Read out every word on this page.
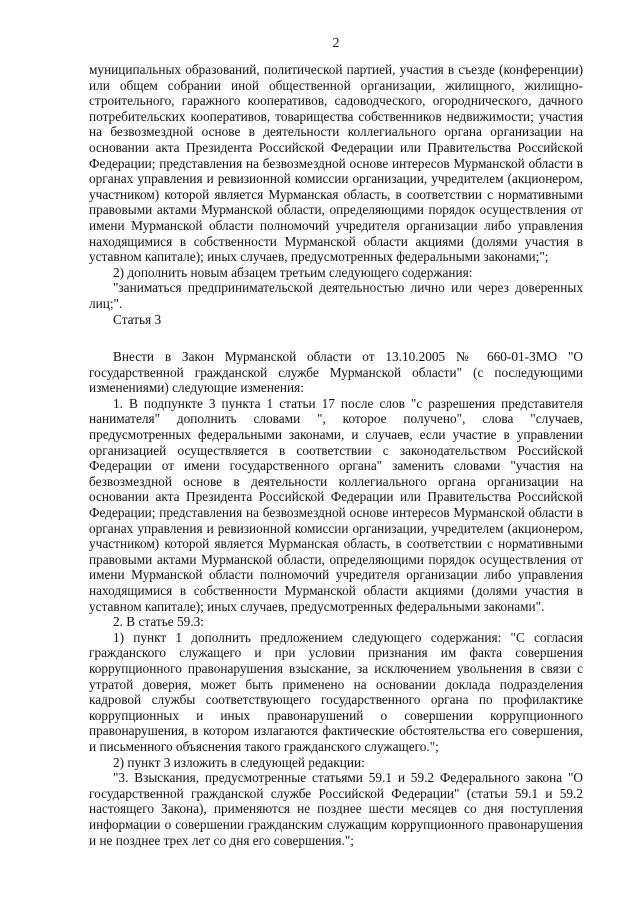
2

муниципальных образований, политической партией, участия в съезде (конференции) или общем собрании иной общественной организации, жилищного, жилищно-строительного, гаражного кооперативов, садоводческого, огороднического, дачного потребительских кооперативов, товарищества собственников недвижимости; участия на безвозмездной основе в деятельности коллегиального органа организации на основании акта Президента Российской Федерации или Правительства Российской Федерации; представления на безвозмездной основе интересов Мурманской области в органах управления и ревизионной комиссии организации, учредителем (акционером, участником) которой является Мурманская область, в соответствии с нормативными правовыми актами Мурманской области, определяющими порядок осуществления от имени Мурманской области полномочий учредителя организации либо управления находящимися в собственности Мурманской области акциями (долями участия в уставном капитале); иных случаев, предусмотренных федеральными законами;";

2) дополнить новым абзацем третьим следующего содержания:

"заниматься предпринимательской деятельностью лично или через доверенных лиц;".

Статья 3

Внести в Закон Мурманской области от 13.10.2005 № 660-01-ЗМО "О государственной гражданской службе Мурманской области" (с последующими изменениями) следующие изменения:

1. В подпункте 3 пункта 1 статьи 17 после слов "с разрешения представителя нанимателя" дополнить словами ", которое получено", слова "случаев, предусмотренных федеральными законами, и случаев, если участие в управлении организацией осуществляется в соответствии с законодательством Российской Федерации от имени государственного органа" заменить словами "участия на безвозмездной основе в деятельности коллегиального органа организации на основании акта Президента Российской Федерации или Правительства Российской Федерации; представления на безвозмездной основе интересов Мурманской области в органах управления и ревизионной комиссии организации, учредителем (акционером, участником) которой является Мурманская область, в соответствии с нормативными правовыми актами Мурманской области, определяющими порядок осуществления от имени Мурманской области полномочий учредителя организации либо управления находящимися в собственности Мурманской области акциями (долями участия в уставном капитале); иных случаев, предусмотренных федеральными законами".

2. В статье 59.3:

1) пункт 1 дополнить предложением следующего содержания: "С согласия гражданского служащего и при условии признания им факта совершения коррупционного правонарушения взыскание, за исключением увольнения в связи с утратой доверия, может быть применено на основании доклада подразделения кадровой службы соответствующего государственного органа по профилактике коррупционных и иных правонарушений о совершении коррупционного правонарушения, в котором излагаются фактические обстоятельства его совершения, и письменного объяснения такого гражданского служащего.";

2) пункт 3 изложить в следующей редакции:

"3. Взыскания, предусмотренные статьями 59.1 и 59.2 Федерального закона "О государственной гражданской службе Российской Федерации" (статьи 59.1 и 59.2 настоящего Закона), применяются не позднее шести месяцев со дня поступления информации о совершении гражданским служащим коррупционного правонарушения и не позднее трех лет со дня его совершения.";
